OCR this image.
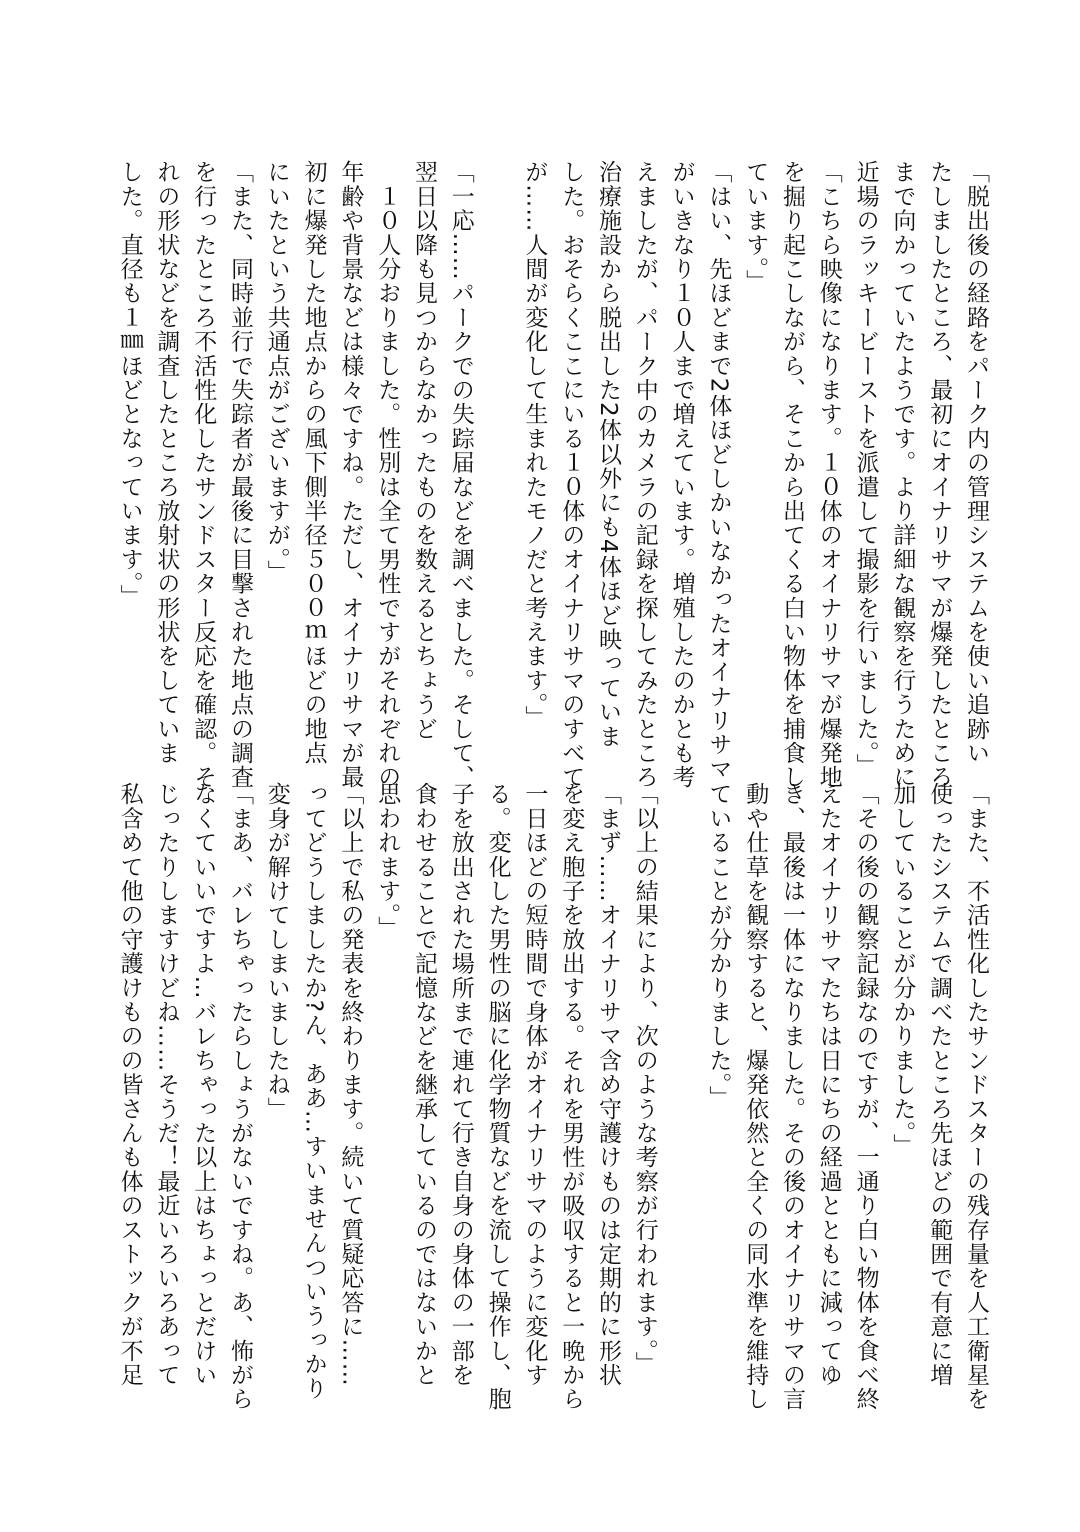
「脱出後の経路をパーク内の管理システムを使い追跡い
たしましたところ、最初にオイナリサマが爆発したところ
まで向かっていたようです。より詳細な観察を行うために
近場のラッキービーストを派遣して撮影を行いました。」
「こちら映像になります。１０体のオイナリサマが爆発地
を掘り起こしながら、そこから出てくる白い物体を捕食し
ています。」
「はい、先ほどまで2体ほどしかいなかったオイナリサマ
がいきなり１０人まで増えています。増殖したのかとも考
えましたが、パーク中のカメラの記録を探してみたところ
治療施設から脱出した2体以外にも4体ほど映っていま
した。おそらくここにいる１０体のオイナリサマのすべて
が……人間が変化して生まれたモノだと考えます。」
「一応……パークでの失踪届などを調べました。そして、
翌日以降も見つからなかったものを数えるとちょうど
　１０人分おりました。性別は全て男性ですがそれぞれの
年齢や背景などは様々ですね。ただし、オイナリサマが最
初に爆発した地点からの風下側半径５００ｍほどの地点
にいたという共通点がございますが。」
「また、同時並行で失踪者が最後に目撃された地点の調査
を行ったところ不活性化したサンドスター反応を確認。そ
れの形状などを調査したところ放射状の形状をしていま
した。直径も１㎜ほどとなっています。」
「また、不活性化したサンドスターの残存量を人工衛星を
使ったシステムで調べたところ先ほどの範囲で有意に増
加していることが分かりました。」
「その後の観察記録なのですが、一通り白い物体を食べ終
えたオイナリサマたちは日にちの経過とともに減ってゆ
き、最後は一体になりました。その後のオイナリサマの言
動や仕草を観察すると、爆発依然と全くの同水準を維持し
ていることが分かりました。」
「以上の結果により、次のような考察が行われます。」
「まず……オイナリサマ含め守護けものは定期的に形状
を変え胞子を放出する。それを男性が吸収すると一晩から
一日ほどの短時間で身体がオイナリサマのように変化す
る。変化した男性の脳に化学物質などを流して操作し、胞
子を放出された場所まで連れて行き自身の身体の一部を
食わせることで記憶などを継承しているのではないかと
思われます。」
「以上で私の発表を終わります。続いて質疑応答に……
ってどうしましたか?ん、ああ…すいませんついうっかり
変身が解けてしまいましたね」
「まあ、バレちゃったらしょうがないですね。あ、怖がら
なくていいですよ…バレちゃった以上はちょっとだけい
じったりしますけどね……そうだ！最近いろいろあって
私含めて他の守護けものの皆さんも体のストックが不足
